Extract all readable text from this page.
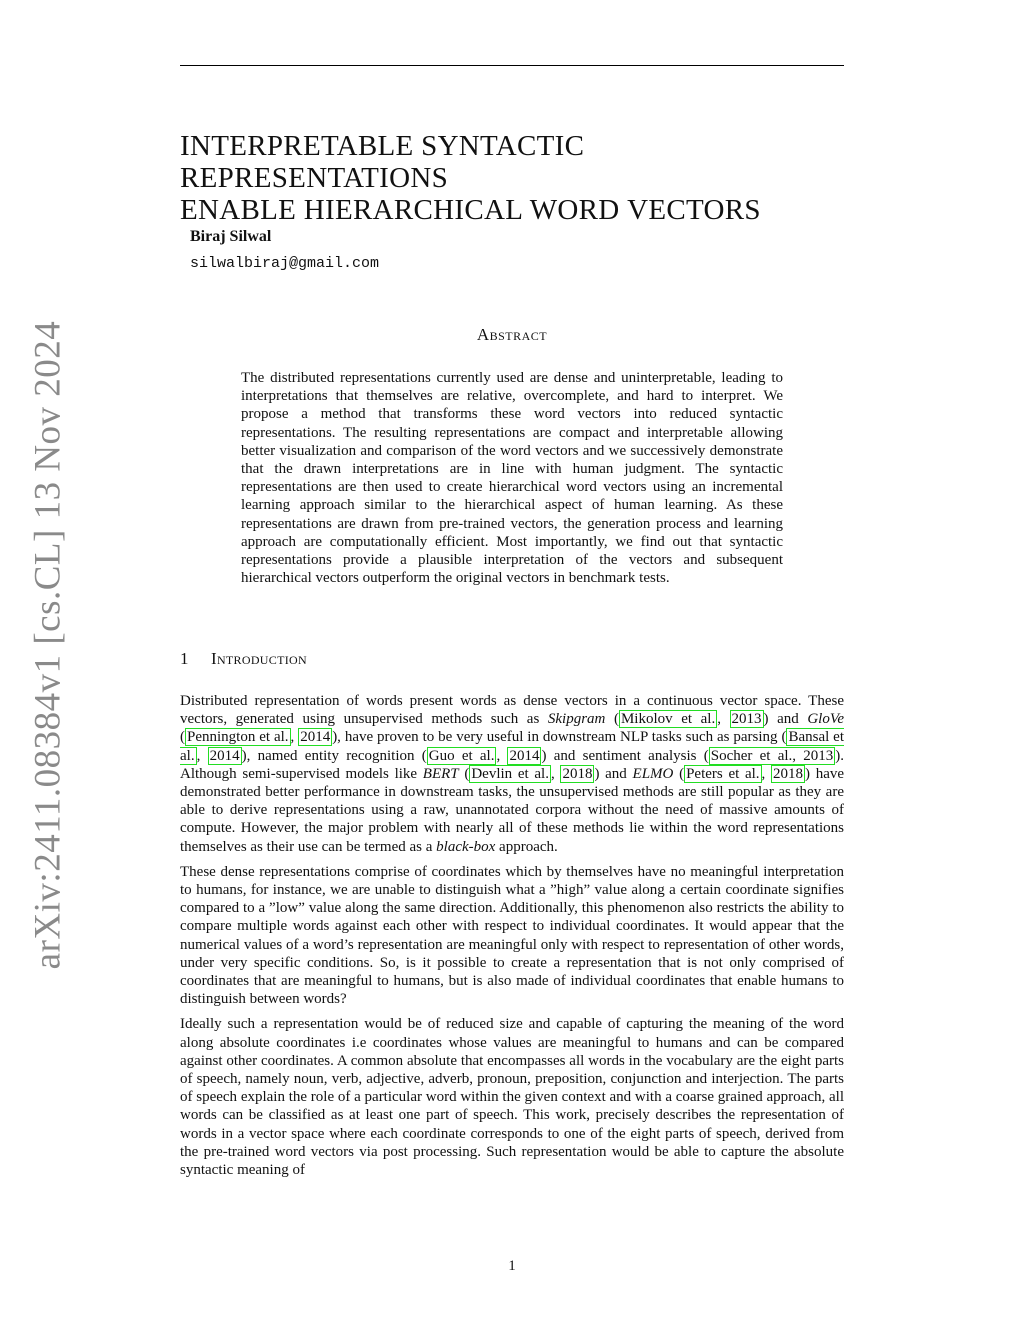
arXiv:2411.08384v1 [cs.CL] 13 Nov 2024
INTERPRETABLE SYNTACTIC REPRESENTATIONS
ENABLE HIERARCHICAL WORD VECTORS
Biraj Silwal
silwalbiraj@gmail.com
Abstract

The distributed representations currently used are dense and uninterpretable, leading to interpretations that themselves are relative, overcomplete, and hard to interpret. We propose a method that transforms these word vectors into reduced syntactic representations. The resulting representations are compact and interpretable allowing better visualization and comparison of the word vectors and we successively demonstrate that the drawn interpretations are in line with human judgment. The syntactic representations are then used to create hierarchical word vectors using an incremental learning approach similar to the hierarchical aspect of human learning. As these representations are drawn from pre-trained vectors, the generation process and learning approach are computationally efficient. Most importantly, we find out that syntactic representations provide a plausible interpretation of the vectors and subsequent hierarchical vectors outperform the original vectors in benchmark tests.

1 Introduction

Distributed representation of words present words as dense vectors in a continuous vector space. These vectors, generated using unsupervised methods such as Skipgram ( Mikolov et al. , 2013 ) and GloVe ( Pennington et al. , 2014 ), have proven to be very useful in downstream NLP tasks such as parsing ( Bansal et al. , 2014 ), named entity recognition ( Guo et al. , 2014 ) and sentiment analysis ( Socher et al., 2013 ). Although semi-supervised models like BERT ( Devlin et al. , 2018 ) and ELMO ( Peters et al. , 2018 ) have demonstrated better performance in downstream tasks, the unsupervised methods are still popular as they are able to derive representations using a raw, unannotated corpora without the need of massive amounts of compute. However, the major problem with nearly all of these methods lie within the word representations themselves as their use can be termed as a black-box approach.

These dense representations comprise of coordinates which by themselves have no meaningful interpretation to humans, for instance, we are unable to distinguish what a ”high” value along a certain coordinate signifies compared to a ”low” value along the same direction. Additionally, this phenomenon also restricts the ability to compare multiple words against each other with respect to individual coordinates. It would appear that the numerical values of a word’s representation are meaningful only with respect to representation of other words, under very specific conditions. So, is it possible to create a representation that is not only comprised of coordinates that are meaningful to humans, but is also made of individual coordinates that enable humans to distinguish between words?

Ideally such a representation would be of reduced size and capable of capturing the meaning of the word along absolute coordinates i.e coordinates whose values are meaningful to humans and can be compared against other coordinates. A common absolute that encompasses all words in the vocabulary are the eight parts of speech, namely noun, verb, adjective, adverb, pronoun, preposition, conjunction and interjection. The parts of speech explain the role of a particular word within the given context and with a coarse grained approach, all words can be classified as at least one part of speech. This work, precisely describes the representation of words in a vector space where each coordinate corresponds to one of the eight parts of speech, derived from the pre-trained word vectors via post processing. Such representation would be able to capture the absolute syntactic meaning of

1
